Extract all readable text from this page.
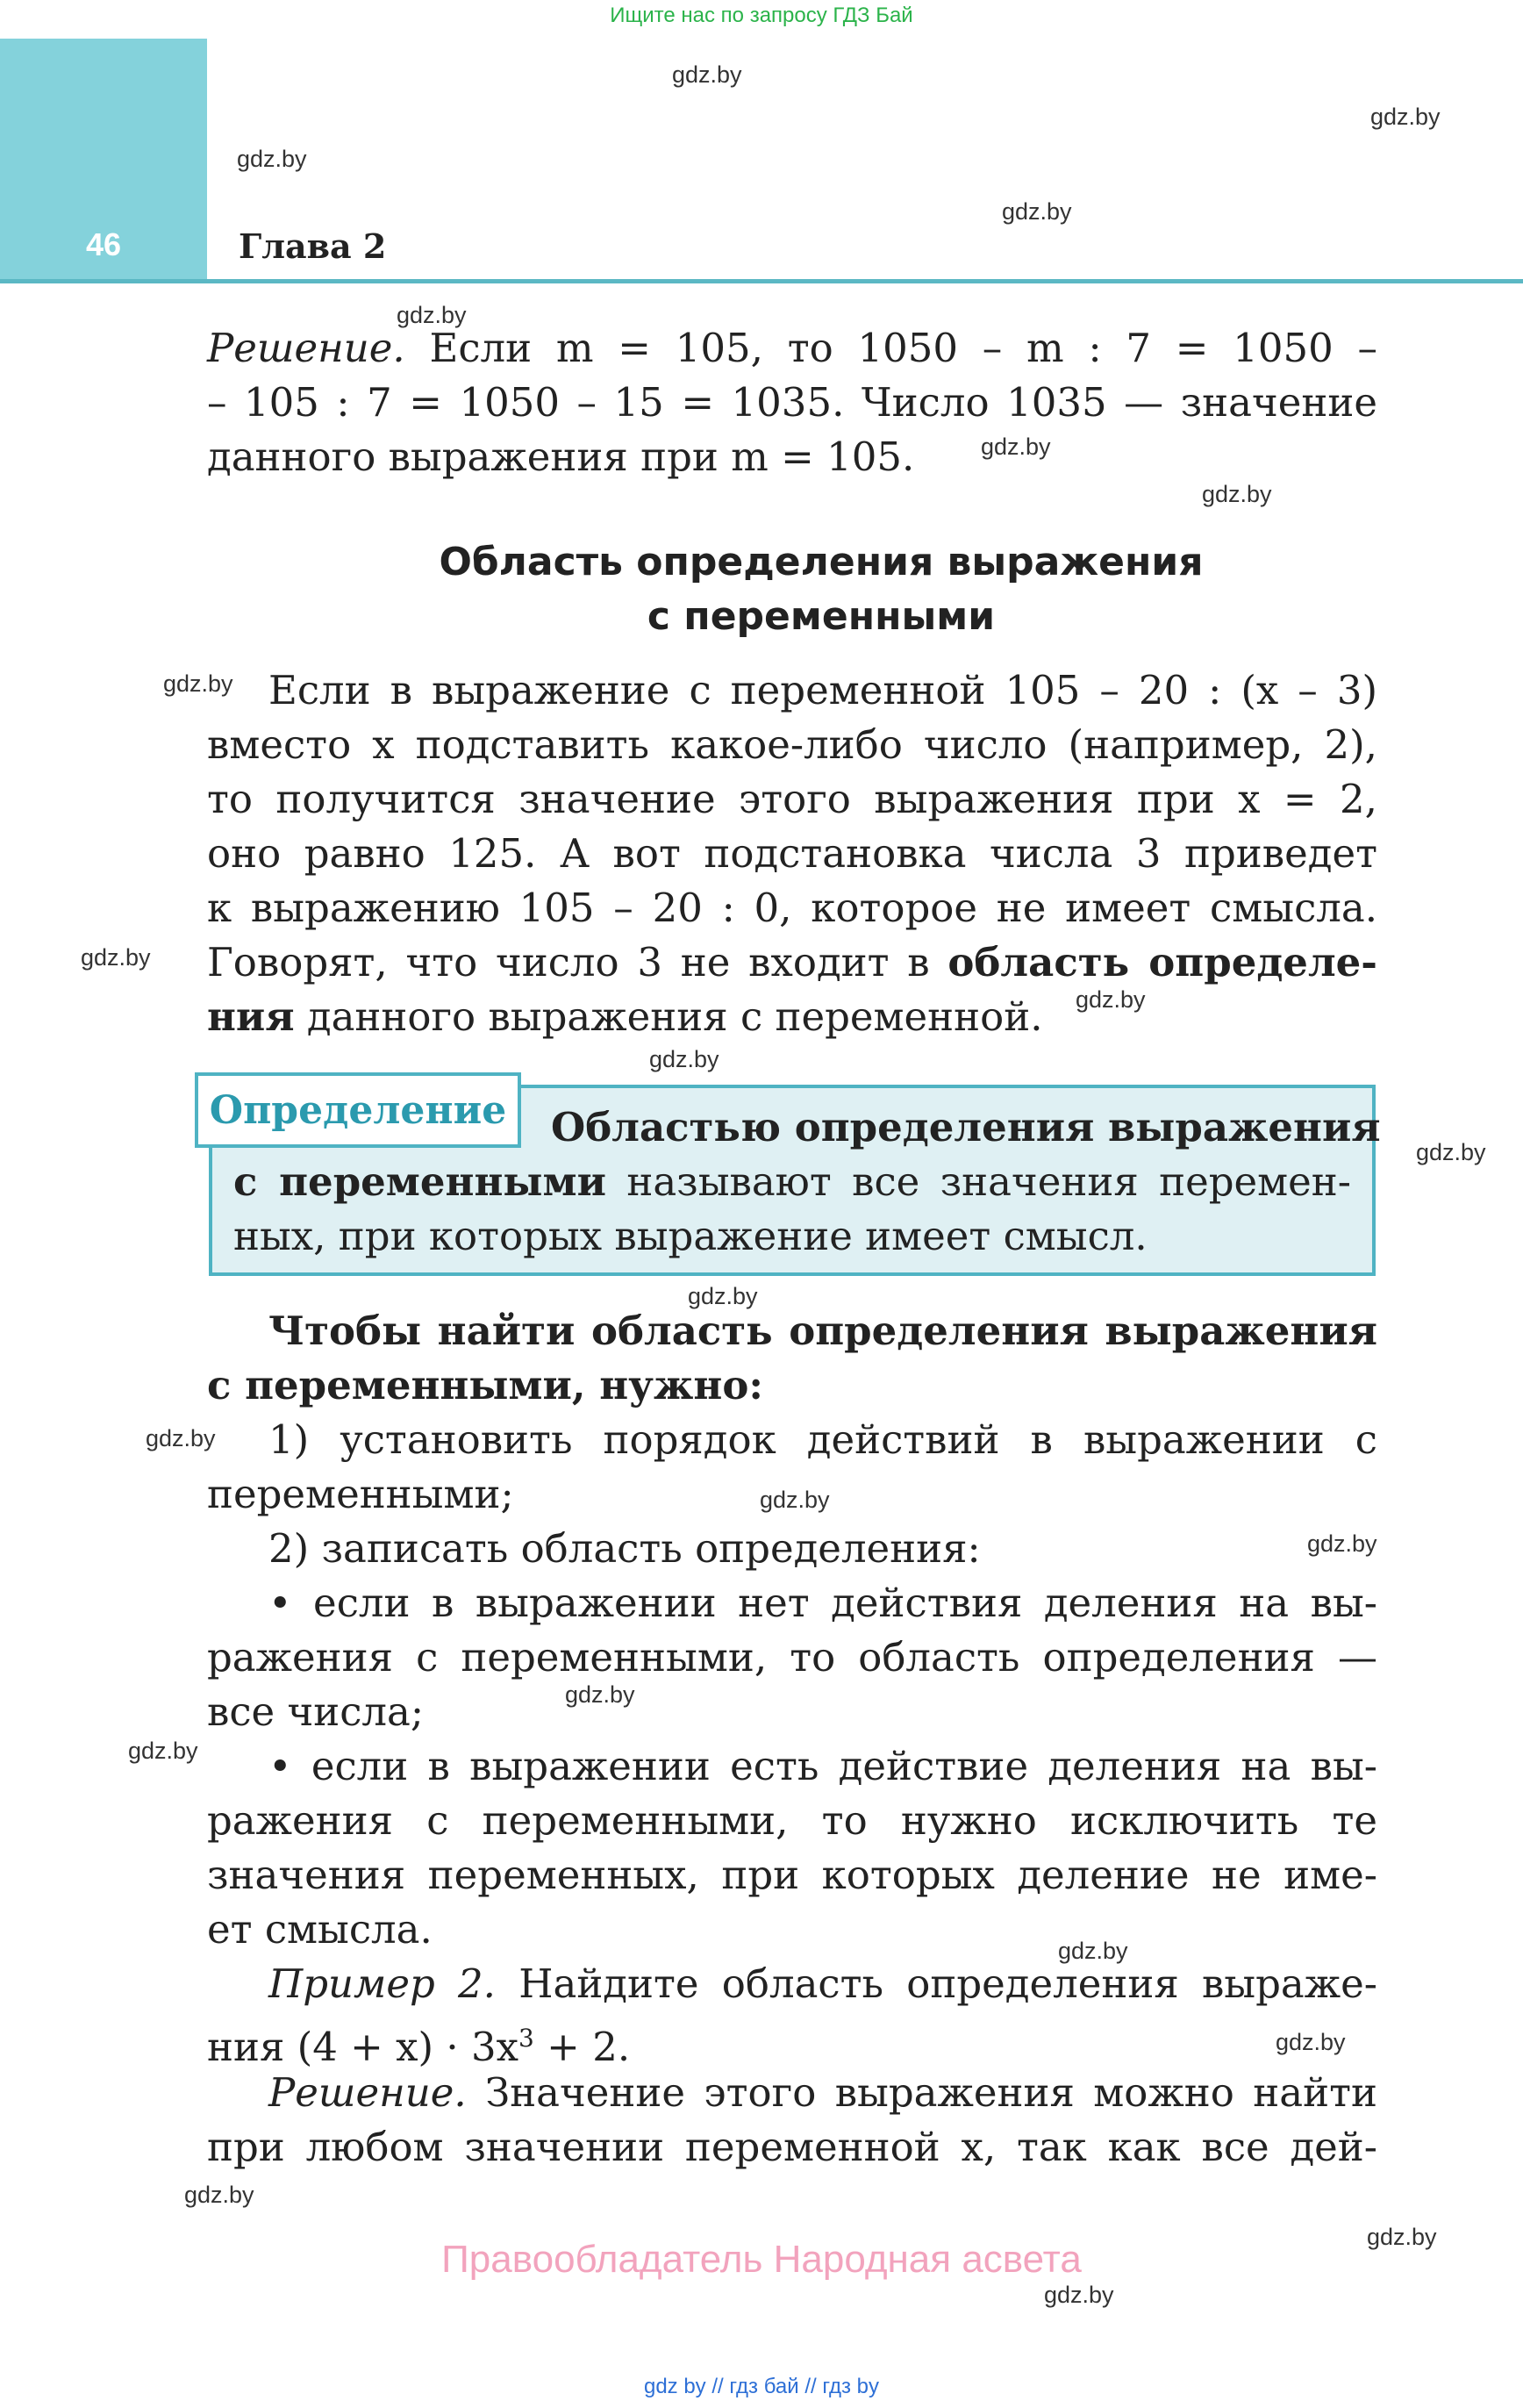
Ищите нас по запросу ГДЗ Бай
46	Глава 2
gdz.by
gdz.by
gdz.by
gdz.by
gdz.by
gdz.by
gdz.by
gdz.by
gdz.by
gdz.by
gdz.by
gdz.by
gdz.by
gdz.by
gdz.by
gdz.by
gdz.by
gdz.by
gdz.by
gdz.by
gdz.by
gdz.by
gdz.by
Решение. Если m = 105, то 1050 – m : 7 = 1050 –
– 105 : 7 = 1050 – 15 = 1035. Число 1035 — значение
данного выражения при m = 105.
Область определения выражения
с переменными
Если в выражение с переменной 105 – 20 : (x – 3)
вместо x подставить какое-либо число (например, 2),
то получится значение этого выражения при x = 2,
оно равно 125. А вот подстановка числа 3 приведет
к выражению 105 – 20 : 0, которое не имеет смысла.
Говорят, что число 3 не входит в область определе-
ния данного выражения с переменной.
Определение	Областью определения выражения
с переменными называют все значения перемен-
ных, при которых выражение имеет смысл.
Чтобы найти область определения выражения
с переменными, нужно:
1) установить порядок действий в выражении с
переменными;
2) записать область определения:
• если в выражении нет действия деления на вы-
ражения с переменными, то область определения —
все числа;
• если в выражении есть действие деления на вы-
ражения с переменными, то нужно исключить те
значения переменных, при которых деление не име-
ет смысла.
Пример 2. Найдите область определения выраже-
ния $(4 + x) \cdot 3x^3 + 2$.
Решение. Значение этого выражения можно найти
при любом значении переменной x, так как все дей-
Правообладатель Народная асвета
gdz by // гдз бай // гдз by
